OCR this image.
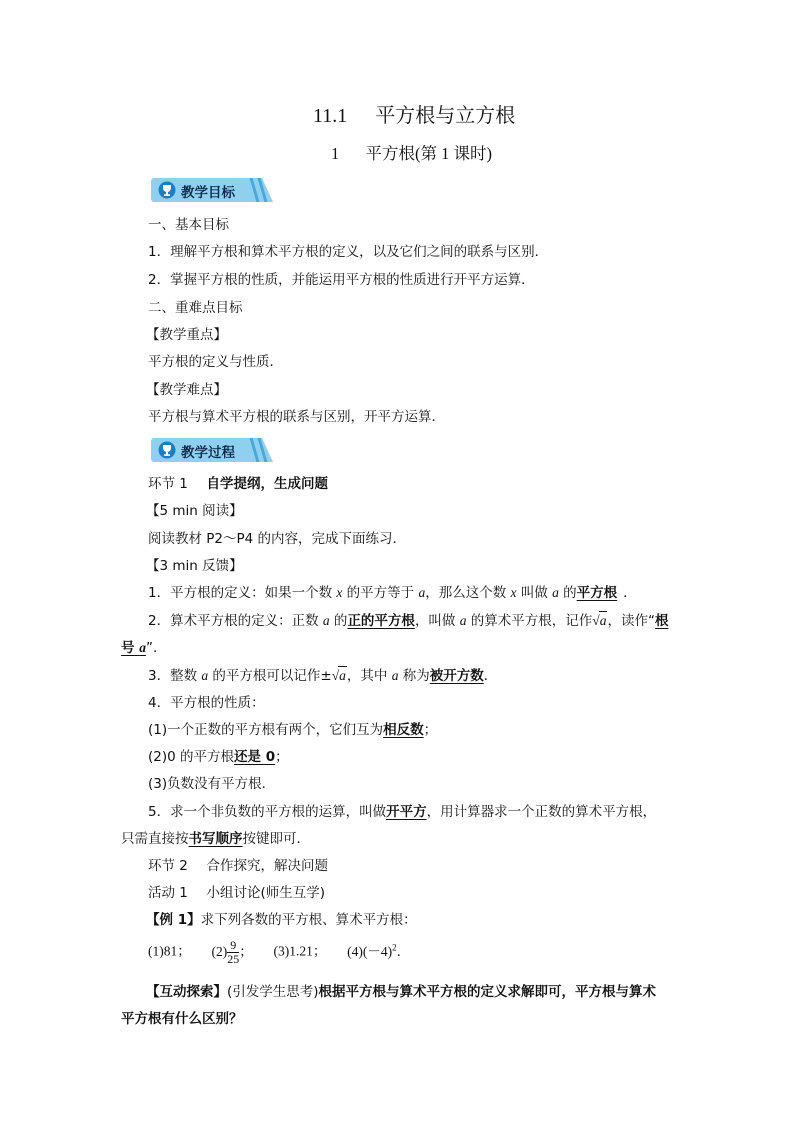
11.1 平方根与立方根
1 平方根(第 1 课时)
教学目标
一、基本目标
1．理解平方根和算术平方根的定义，以及它们之间的联系与区别．
2．掌握平方根的性质，并能运用平方根的性质进行开平方运算．
二、重难点目标
【教学重点】
平方根的定义与性质．
【教学难点】
平方根与算术平方根的联系与区别，开平方运算．
教学过程
环节 1 自学提纲，生成问题
【5 min 阅读】
阅读教材 P2～P4 的内容，完成下面练习．
【3 min 反馈】
1．平方根的定义：如果一个数 x 的平方等于 a，那么这个数 x 叫做 a 的平方根 ．
2．算术平方根的定义：正数 a 的正的平方根，叫做 a 的算术平方根，记作√a，读作“根
号 a”．
3．整数 a 的平方根可以记作±√a，其中 a 称为被开方数．
4．平方根的性质：
(1)一个正数的平方根有两个，它们互为相反数；
(2)0 的平方根还是 0；
(3)负数没有平方根．
5．求一个非负数的平方根的运算，叫做开平方，用计算器求一个正数的算术平方根，
只需直接按书写顺序按键即可．
环节 2 合作探究，解决问题
活动 1 小组讨论(师生互学)
【例 1】求下列各数的平方根、算术平方根：
(1)81； $(2) \frac{9}{25}$ ； (3)1.21； $(4)(-4)^2$．
【互动探索】(引发学生思考)根据平方根与算术平方根的定义求解即可，平方根与算术
平方根有什么区别？
